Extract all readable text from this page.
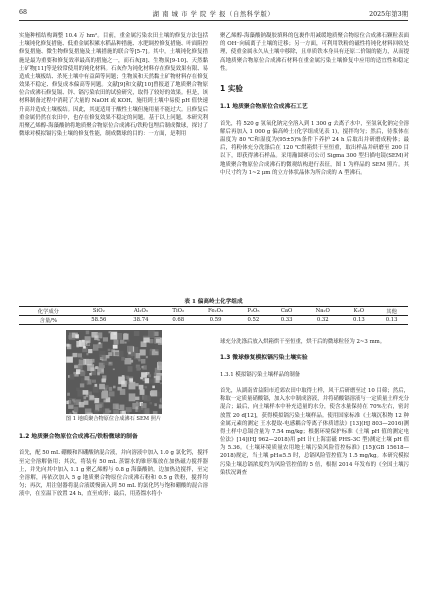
68	湖 南 城 市 学 院 学 报（自然科学版）	2025年第3期

实施种植结构调整 10.4 万 hm²。目前，重金属污染农田土壤的修复方法包括土壤钝化修复措施、低重金属积累水稻品种措施、水肥调控修复措施、叶面阻控修复措施、微生物修复措施及土壤措施的联合等[5-7]。其中，土壤钝化修复措施是最为重要和修复效率最高的措施之一，而石灰[8]、生物炭[9-10]、天然黏土矿物[11]等是较常使用的钝化材料。石灰作为钝化材料存在修复效果有限、易造成土壤板结、杀死土壤中有益菌等问题；生物炭和天然黏土矿物材料存在修复效果不稳定、修复成本偏高等问题。文献[9]和文献[10]曾报道了地质聚合物原位合成沸石修复镉、锌、镉污染农田的试验研究，取得了较好的效果。但是，该材料制备过程中消耗了大量的 NaOH 或 KOH，施用到土壤中易使 pH 值快速升高并造成土壤板结。因此，其更适用于酸性土壤但施用量不能过大。且修复后重金属仍然在农田中，也存在修复效果不稳定的问题。基于以上问题，本研究利用聚乙烯醇-海藻酸钠将地质聚合物原位合成沸石/铁粉包埋后制成微球，探讨了微球对模拟镉污染土壤的修复性能，制成微球的目的：一方面，是利用

聚乙烯醇-海藻酸钠凝胶填料的包裹作用减缓地质聚合物原位合成沸石颗粒表面的 OH⁻向硫离子土壤的迁移；另一方面，可利用铁粉的磁性将钝化材料回收处理，使重金属永久从土壤中移除，且单质铁本身具有还原二价镉的能力，从而提高地质聚合物原位合成沸石材料在重金属污染土壤修复中应用的适宜性和稳定性。

1 实验

1.1 地质聚合物原位合成沸石工艺

首先，将 520 g 氢氧化钠完全溶入到 1 300 g 去离子水中，至氢氧化钠完全溶解后再加入 1 000 g 偏高岭土(化学组成见表 1)，搅拌均匀；然后，待浆体在温度为 80 ℃和湿度为(95±5)%条件下养护 24 h 后取出并研磨成粉体；最后，将粉体充分洗涤后在 120 ℃烘箱烘干至恒重，取出样品并研磨至 200 目以下，即获得沸石样品。采用瀚圆赛司公司 Sigma 300 型扫描电镜(SEM)对地质聚合物原位合成沸石的微观结构进行表征，图 1 为样品的 SEM 照片。其中尺寸约为 1~2 μm 的立方体状晶体为所合成的 A 型沸石。

表 1 偏高岭土化学组成
化学成分	SiO₂	Al₂O₃	TiO₂	Fe₂O₃	P₂O₅	CaO	Na₂O	K₂O	其他
含量/%	58.56	38.74	0.68	0.59	0.52	0.33	0.32	0.13	0.13
图 1 地质聚合物原位合成沸石 SEM 照片

1.2 地质聚合物原位合成沸石/铁粉微球的制备

首先，配 50 mL 硼酸和四硼酸钠混合液，并向溶液中加入 1.0 g 氯化钙，搅拌至完全溶解备用；其次，将装有 50 mL 蒸馏水的锥形瓶放在加热磁力搅拌器上，并先向其中加入 1.1 g 聚乙烯醇与 0.8 g 海藻酸钠，边加热边搅拌，至完全溶解，再依次加入 5 g 地质聚合物原位合成沸石粉和 0.5 g 铁粉，搅拌均匀；再次，用注射器将混合液缓慢滴入到 50 mL 的氯化钙与饱和硼酸的混合溶液中，在室温下放置 24 h，直至成形；最后，用蒸馏水将小

球充分洗涤后放入烘箱烘干至恒重，烘干后的微球粒径为 2~3 mm。

1.3 微球修复模拟镉污染土壤实验

1.3.1 模拟镉污染土壤样品的制备

首先，从湖南省益阳市近郊农田中取得土样，风干后研磨至过 10 目筛；然后，称取一定质量硝酸镉，加入水中制成溶液，并将硝酸镉溶液与一定质量土样充分混合；最后，向土壤样本中补充适量的水分，使含水量保持在 70%左右，密封放置 20 d[12]，获得模拟镉污染土壤样品。使用国家标准《土壤沉积物 12 种金属元素的测定 王水提取-电感耦合等离子体质谱法》[13](HJ 803—2016)测得土样中总镉含量为 7.54 mg/kg；根据环境保护标准《土壤 pH 值的测定电位法》[14](HJ 962—2018)用 pH 计(上海雷磁 PHS-3C 型)测定土壤 pH 值为 5.36。《土壤环境质量农用地土壤污染风险管控标准》[15](GB 15618—2018)规定，当土壤 pH≤5.5 时，总镉风险管控值为 1.5 mg/kg。本研究模拟污染土壤总镉浓度约为风险管控值的 5 倍，根据 2014 年发布的《全国土壤污染状况调查
